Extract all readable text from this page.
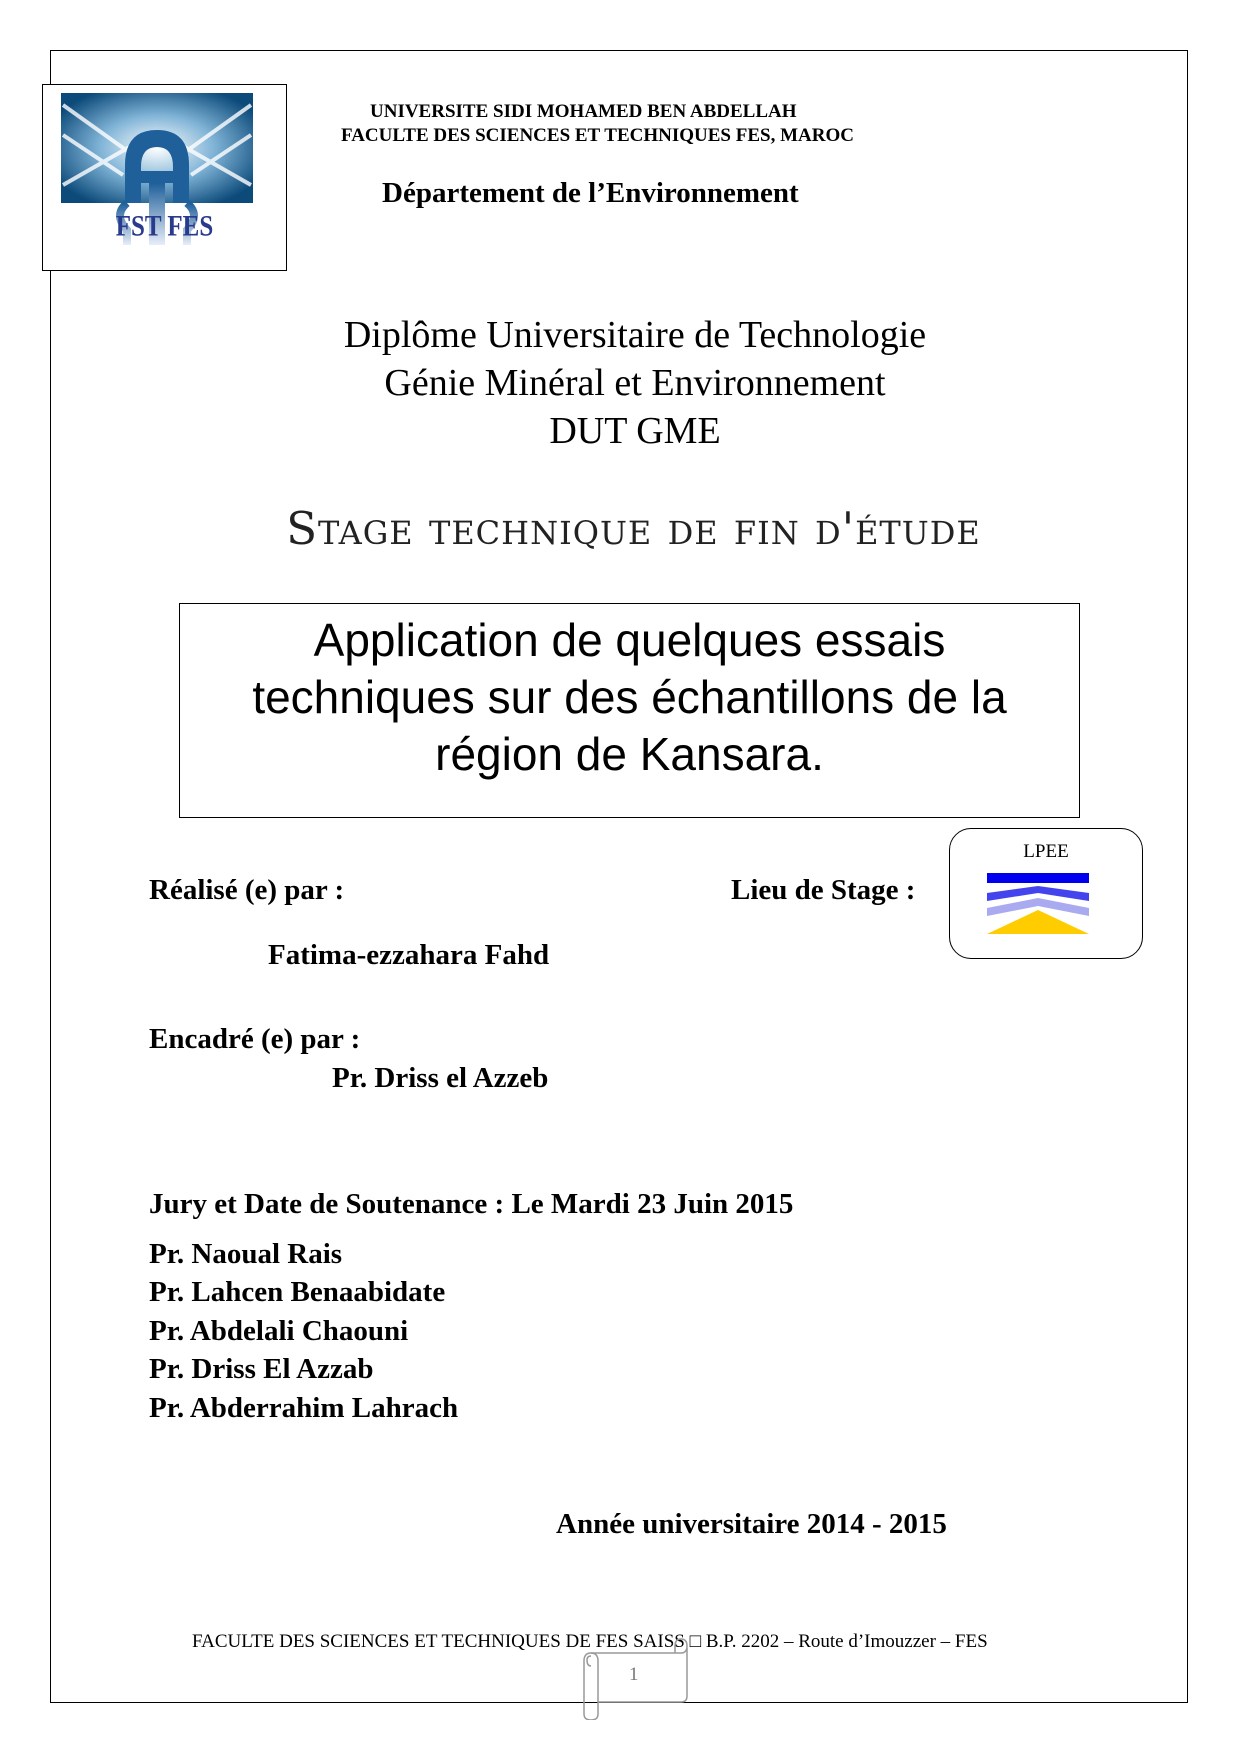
FST FES
UNIVERSITE SIDI MOHAMED BEN ABDELLAH
FACULTE DES SCIENCES ET TECHNIQUES FES, MAROC
Département de l’Environnement
Diplôme Universitaire de Technologie
Génie Minéral et Environnement
DUT GME
Stage technique de fin d'étude
Application de quelques essais
techniques sur des échantillons de la
région de Kansara.
Réalisé (e) par :	Lieu de Stage :
LPEE
Fatima-ezzahara Fahd
Encadré (e) par :
Pr. Driss el Azzeb
Jury et Date de Soutenance : Le Mardi 23 Juin 2015
Pr. Naoual Rais
Pr. Lahcen Benaabidate
Pr. Abdelali Chaouni
Pr. Driss El Azzab
Pr. Abderrahim Lahrach
Année universitaire 2014 - 2015
FACULTE DES SCIENCES ET TECHNIQUES DE FES SAISS □ B.P. 2202 – Route d’Imouzzer – FES
1
